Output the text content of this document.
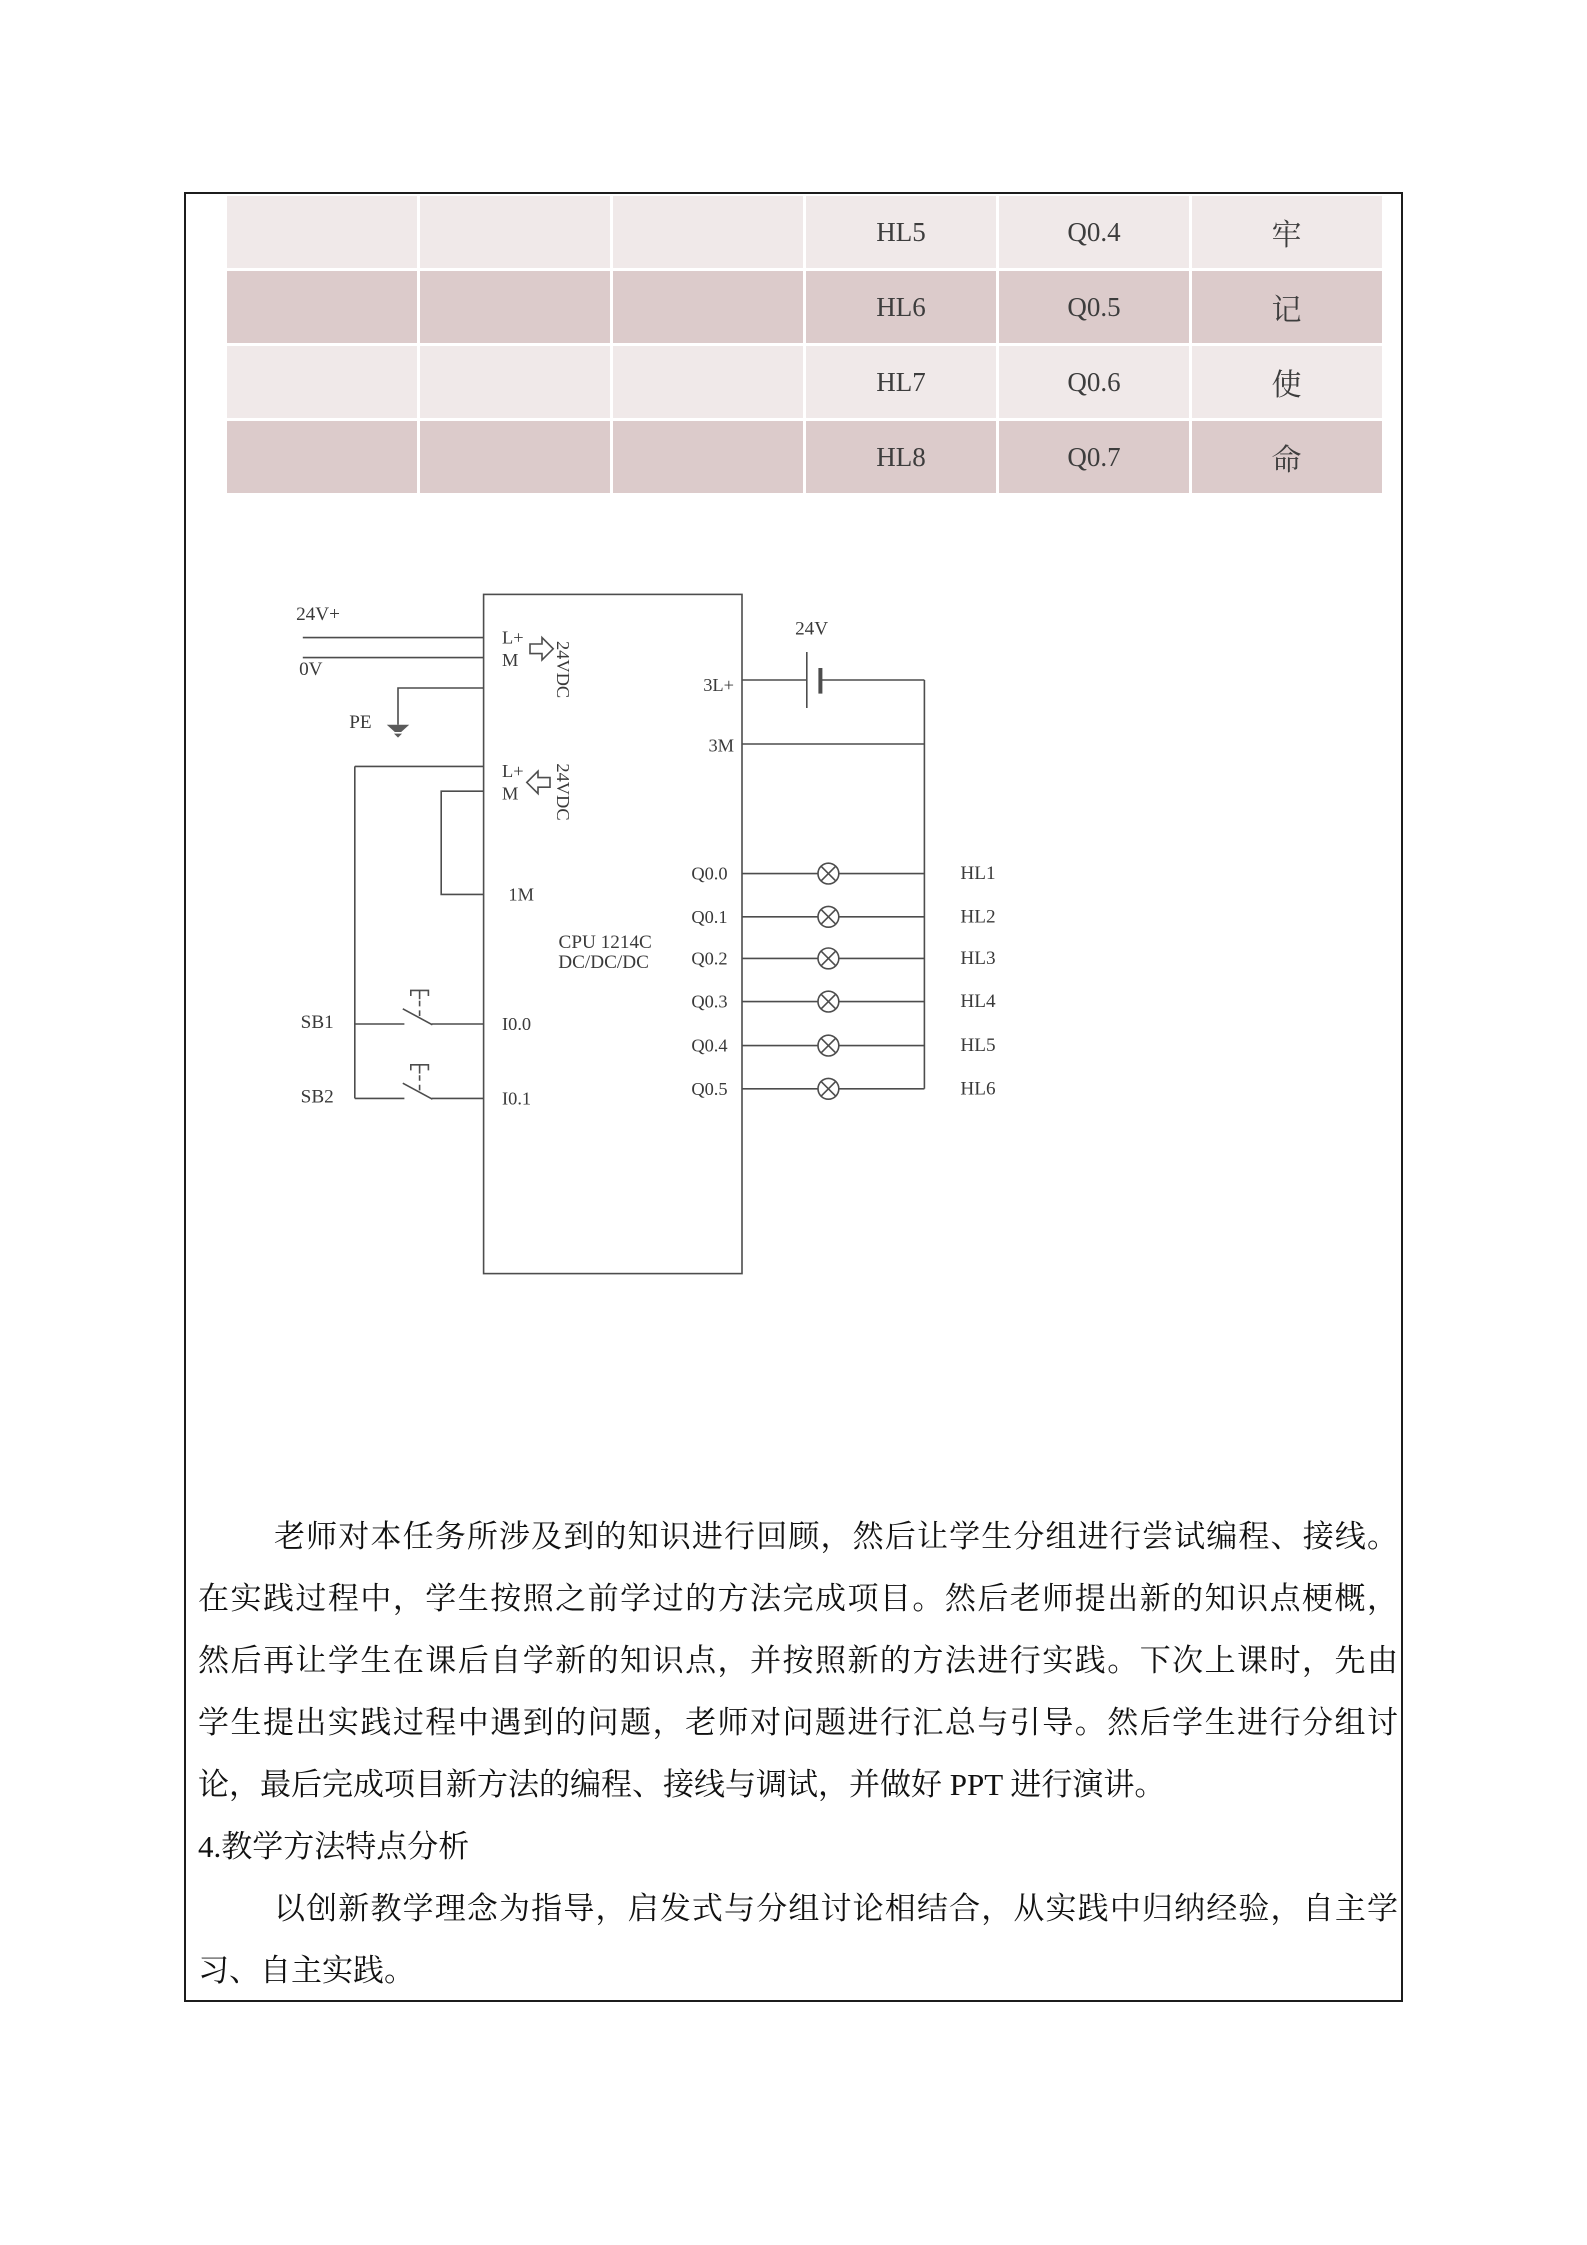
HL5	Q0.4	牢
HL6	Q0.5	记
HL7	Q0.6	使
HL8	Q0.7	命
24V+
0V
PE
L+
M 24VDC
L+
M 24VDC
1M
SB1	I0.0
SB2	I0.1
CPU 1214C
DC/DC/DC
24V
3L+
3M
Q0.0
Q0.1
Q0.2
Q0.3
Q0.4
Q0.5
HL1
HL2
HL3
HL4
HL5
HL6
老师对本任务所涉及到的知识进行回顾，然后让学生分组进行尝试编程、接线。
在实践过程中，学生按照之前学过的方法完成项目。然后老师提出新的知识点梗概，
然后再让学生在课后自学新的知识点，并按照新的方法进行实践。下次上课时，先由
学生提出实践过程中遇到的问题，老师对问题进行汇总与引导。然后学生进行分组讨
论，最后完成项目新方法的编程、接线与调试，并做好 PPT 进行演讲。
4.教学方法特点分析
以创新教学理念为指导，启发式与分组讨论相结合，从实践中归纳经验，自主学
习、自主实践。
